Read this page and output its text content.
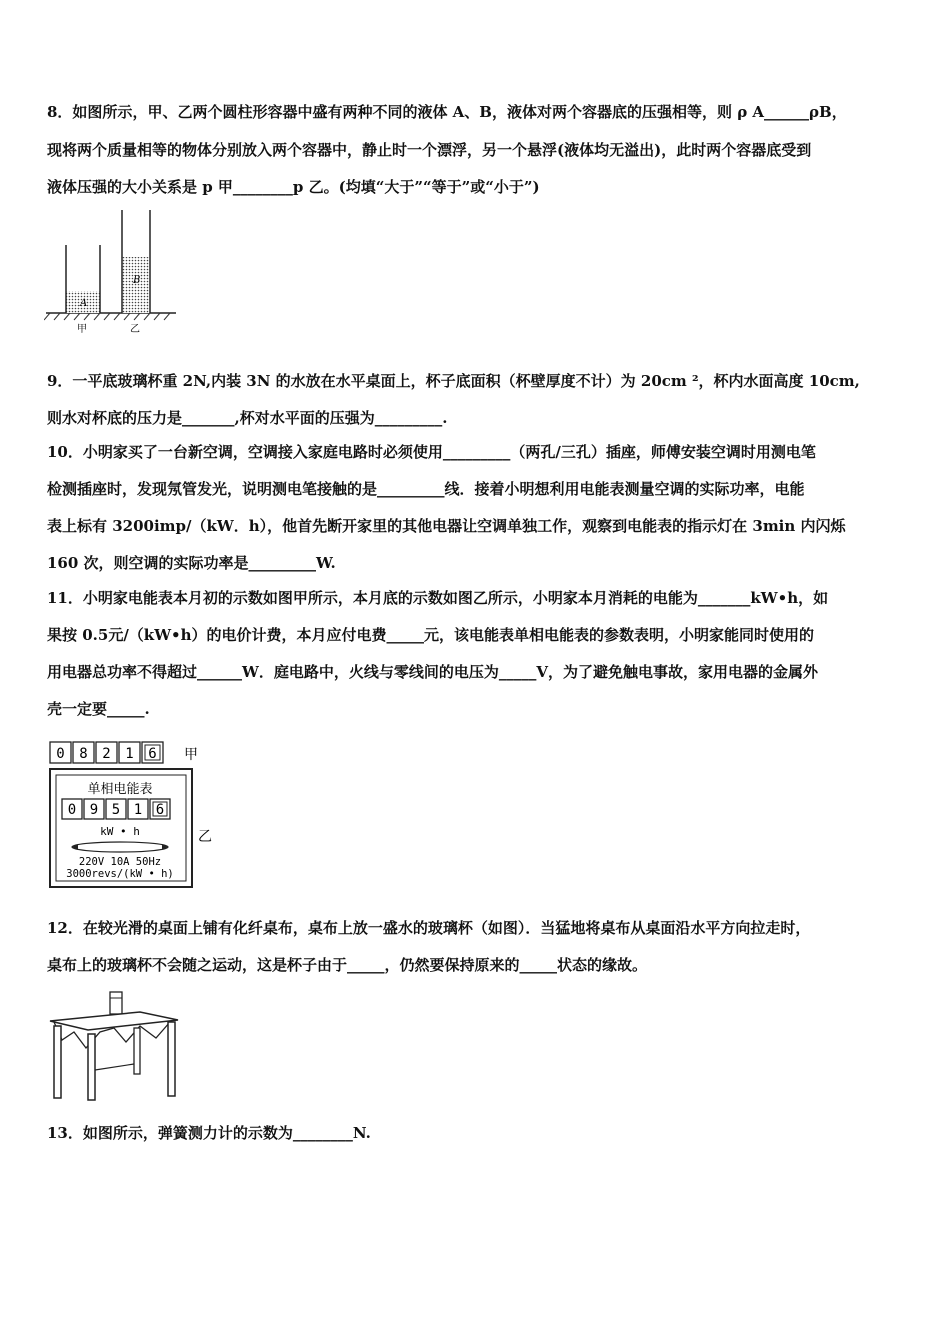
8．如图所示，甲、乙两个圆柱形容器中盛有两种不同的液体 A、B，液体对两个容器底的压强相等，则 ρ A______ρB，
现将两个质量相等的物体分别放入两个容器中，静止时一个漂浮，另一个悬浮(液体均无溢出)，此时两个容器底受到
液体压强的大小关系是 p 甲________p 乙。(均填“大于”“等于”或“小于”)
A
B
甲	乙
9．一平底玻璃杯重 2N,内装 3N 的水放在水平桌面上，杯子底面积（杯壁厚度不计）为 20cm ²，杯内水面高度 10cm,
则水对杯底的压力是_______,杯对水平面的压强为_________.
10．小明家买了一台新空调，空调接入家庭电路时必须使用_________（两孔/三孔）插座，师傅安装空调时用测电笔
检测插座时，发现氖管发光，说明测电笔接触的是_________线．接着小明想利用电能表测量空调的实际功率，电能
表上标有 3200imp/（kW．h），他首先断开家里的其他电器让空调单独工作，观察到电能表的指示灯在 3min 内闪烁
160 次，则空调的实际功率是_________W.
11．小明家电能表本月初的示数如图甲所示，本月底的示数如图乙所示，小明家本月消耗的电能为_______kW•h，如
果按 0.5元/（kW•h）的电价计费，本月应付电费_____元，该电能表单相电能表的参数表明，小明家能同时使用的
用电器总功率不得超过______W．庭电路中，火线与零线间的电压为_____V，为了避免触电事故，家用电器的金属外
壳一定要_____.
0 8 2 1 6 甲
单相电能表
0 9 5 1 6
kW • h
220V 10A 50Hz
3000revs/(kW • h)
乙
12．在较光滑的桌面上铺有化纤桌布，桌布上放一盛水的玻璃杯（如图）．当猛地将桌布从桌面沿水平方向拉走时，
桌布上的玻璃杯不会随之运动，这是杯子由于_____，仍然要保持原来的_____状态的缘故。
13．如图所示，弹簧测力计的示数为________N.
